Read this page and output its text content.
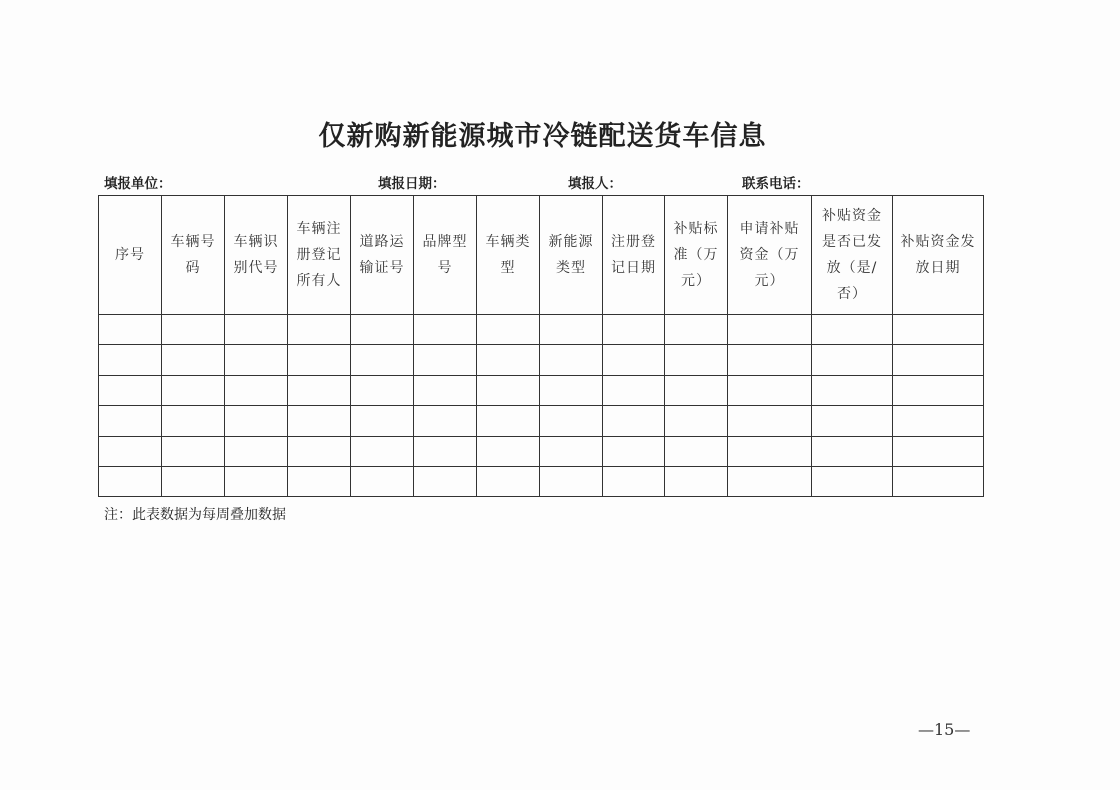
仅新购新能源城市冷链配送货车信息
填报单位：	填报日期：	填报人：	联系电话：
序号	车辆号码	车辆识别代号	车辆注册登记所有人	道路运输证号	品牌型号	车辆类型	新能源类型	注册登记日期	补贴标准（万元）	申请补贴资金（万元）	补贴资金是否已发放（是/否）	补贴资金发放日期

注：此表数据为每周叠加数据
—15—
